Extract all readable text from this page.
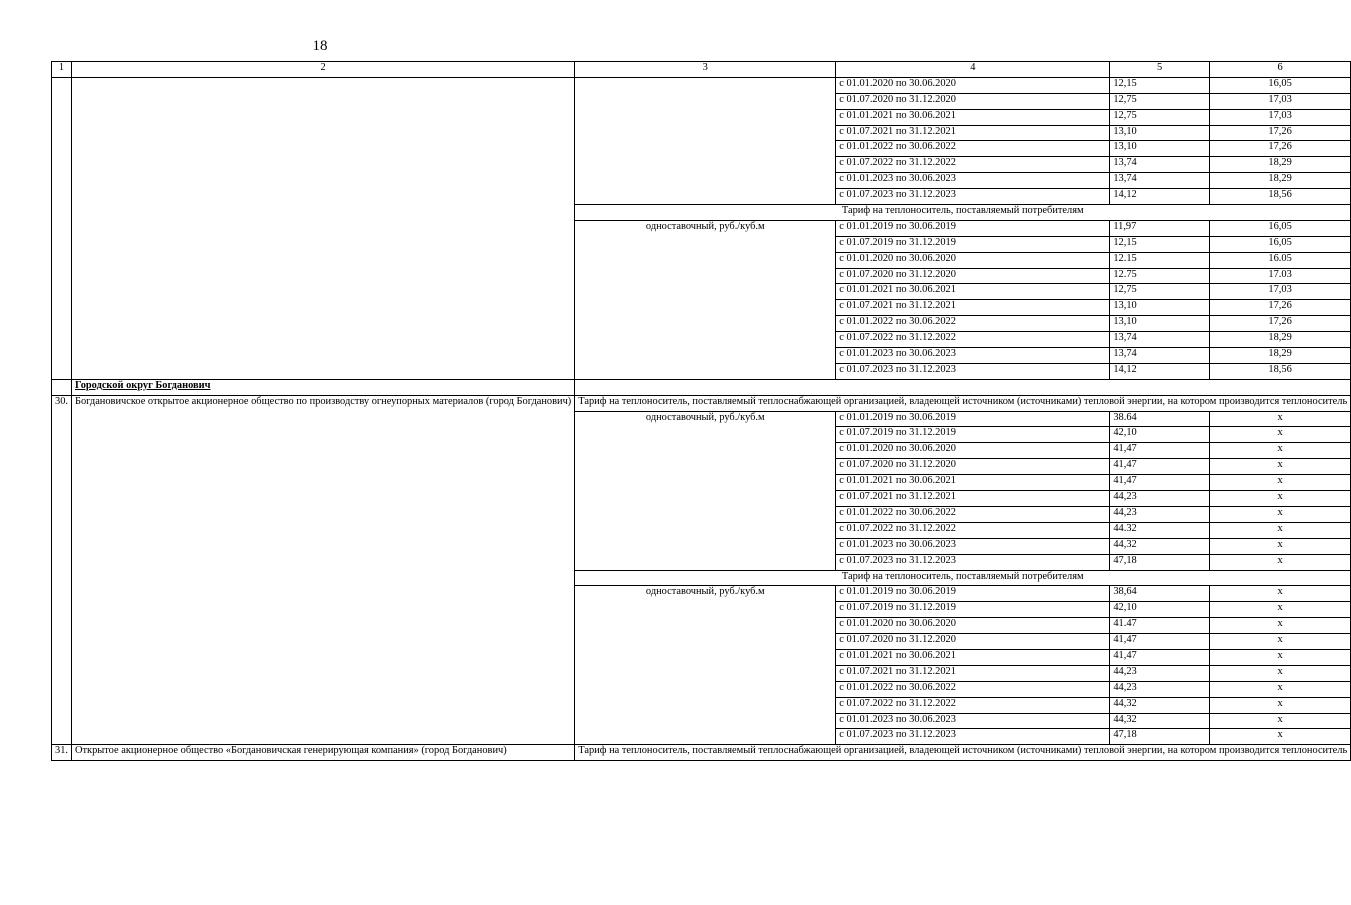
18
1	2	3	4	5	6
			с 01.01.2020 по 30.06.2020	12,15	16,05
			с 01.07.2020 по 31.12.2020	12,75	17,03
			с 01.01.2021 по 30.06.2021	12,75	17,03
			с 01.07.2021 по 31.12.2021	13,10	17,26
			с 01.01.2022 по 30.06.2022	13,10	17,26
			с 01.07.2022 по 31.12.2022	13,74	18,29
			с 01.01.2023 по 30.06.2023	13,74	18,29
			с 01.07.2023 по 31.12.2023	14,12	18,56
		Тариф на теплоноситель, поставляемый потребителям			
		одноставочный, руб./куб.м	с 01.01.2019 по 30.06.2019	11,97	16,05
			с 01.07.2019 по 31.12.2019	12,15	16,05
			с 01.01.2020 по 30.06.2020	12.15	16.05
			с 01.07.2020 по 31.12.2020	12.75	17.03
			с 01.01.2021 по 30.06.2021	12,75	17,03
			с 01.07.2021 по 31.12.2021	13,10	17,26
			с 01.01.2022 по 30.06.2022	13,10	17,26
			с 01.07.2022 по 31.12.2022	13,74	18,29
			с 01.01.2023 по 30.06.2023	13,74	18,29
			с 01.07.2023 по 31.12.2023	14,12	18,56
	Городской округ Богданович				
30.	Богдановичское открытое акционерное общество по производству огнеупорных материалов (город Богданович)	Тариф на теплоноситель, поставляемый теплоснабжающей организацией, владеющей источником (источниками) тепловой энергии, на котором производится теплоноситель			
		одноставочный, руб./куб.м	с 01.01.2019 по 30.06.2019	38.64	х
			с 01.07.2019 по 31.12.2019	42,10	х
			с 01.01.2020 по 30.06.2020	41,47	х
			с 01.07.2020 по 31.12.2020	41,47	х
			с 01.01.2021 по 30.06.2021	41,47	х
			с 01.07.2021 по 31.12.2021	44,23	х
			с 01.01.2022 по 30.06.2022	44,23	х
			с 01.07.2022 по 31.12.2022	44.32	х
			с 01.01.2023 по 30.06.2023	44,32	х
			с 01.07.2023 по 31.12.2023	47,18	х
		Тариф на теплоноситель, поставляемый потребителям			
		одноставочный, руб./куб.м	с 01.01.2019 по 30.06.2019	38,64	х
			с 01.07.2019 по 31.12.2019	42,10	х
			с 01.01.2020 по 30.06.2020	41.47	х
			с 01.07.2020 по 31.12.2020	41,47	х
			с 01.01.2021 по 30.06.2021	41,47	х
			с 01.07.2021 по 31.12.2021	44,23	х
			с 01.01.2022 по 30.06.2022	44,23	х
			с 01.07.2022 по 31.12.2022	44,32	х
			с 01.01.2023 по 30.06.2023	44,32	х
			с 01.07.2023 по 31.12.2023	47,18	х
31.	Открытое акционерное общество «Богдановичская генерирующая компания» (город Богданович)	Тариф на теплоноситель, поставляемый теплоснабжающей организацией, владеющей источником (источниками) тепловой энергии, на котором производится теплоноситель			
